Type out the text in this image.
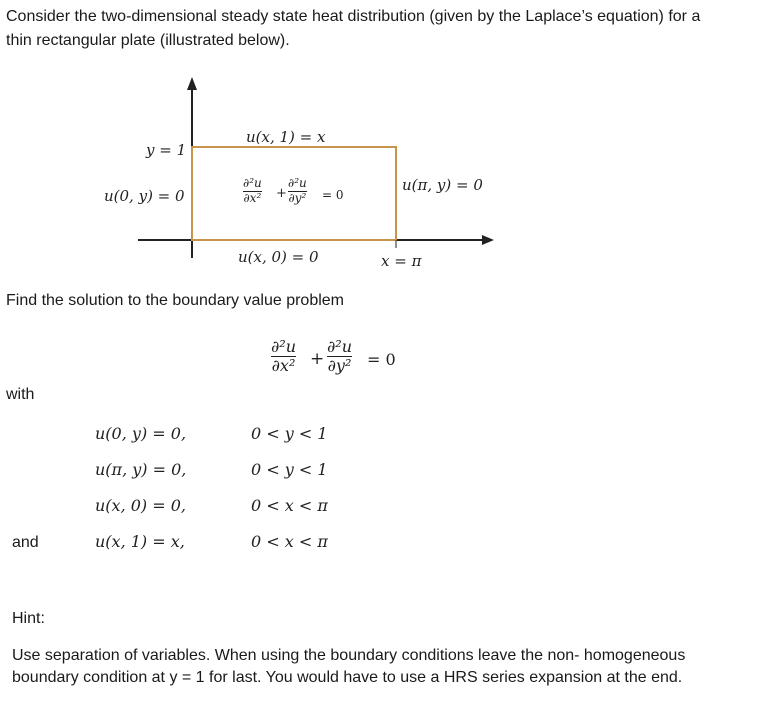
Consider the two-dimensional steady state heat distribution (given by the Laplace’s equation) for a
thin rectangular plate (illustrated below).
u(x, 1) = x
y = 1
u(0, y) = 0
u(π, y) = 0
u(x, 0) = 0	x = π
∂²u
∂x² +
∂²u
∂y² = 0
Find the solution to the boundary value problem
∂²u
∂x² +
∂²u
∂y² = 0
with
and
u(0, y) = 0,	0 < y < 1
u(π, y) = 0,	0 < y < 1
u(x, 0) = 0,	0 < x < π
u(x, 1) = x,	0 < x < π
Hint:
Use separation of variables. When using the boundary conditions leave the non- homogeneous
boundary condition at y = 1 for last. You would have to use a HRS series expansion at the end.
